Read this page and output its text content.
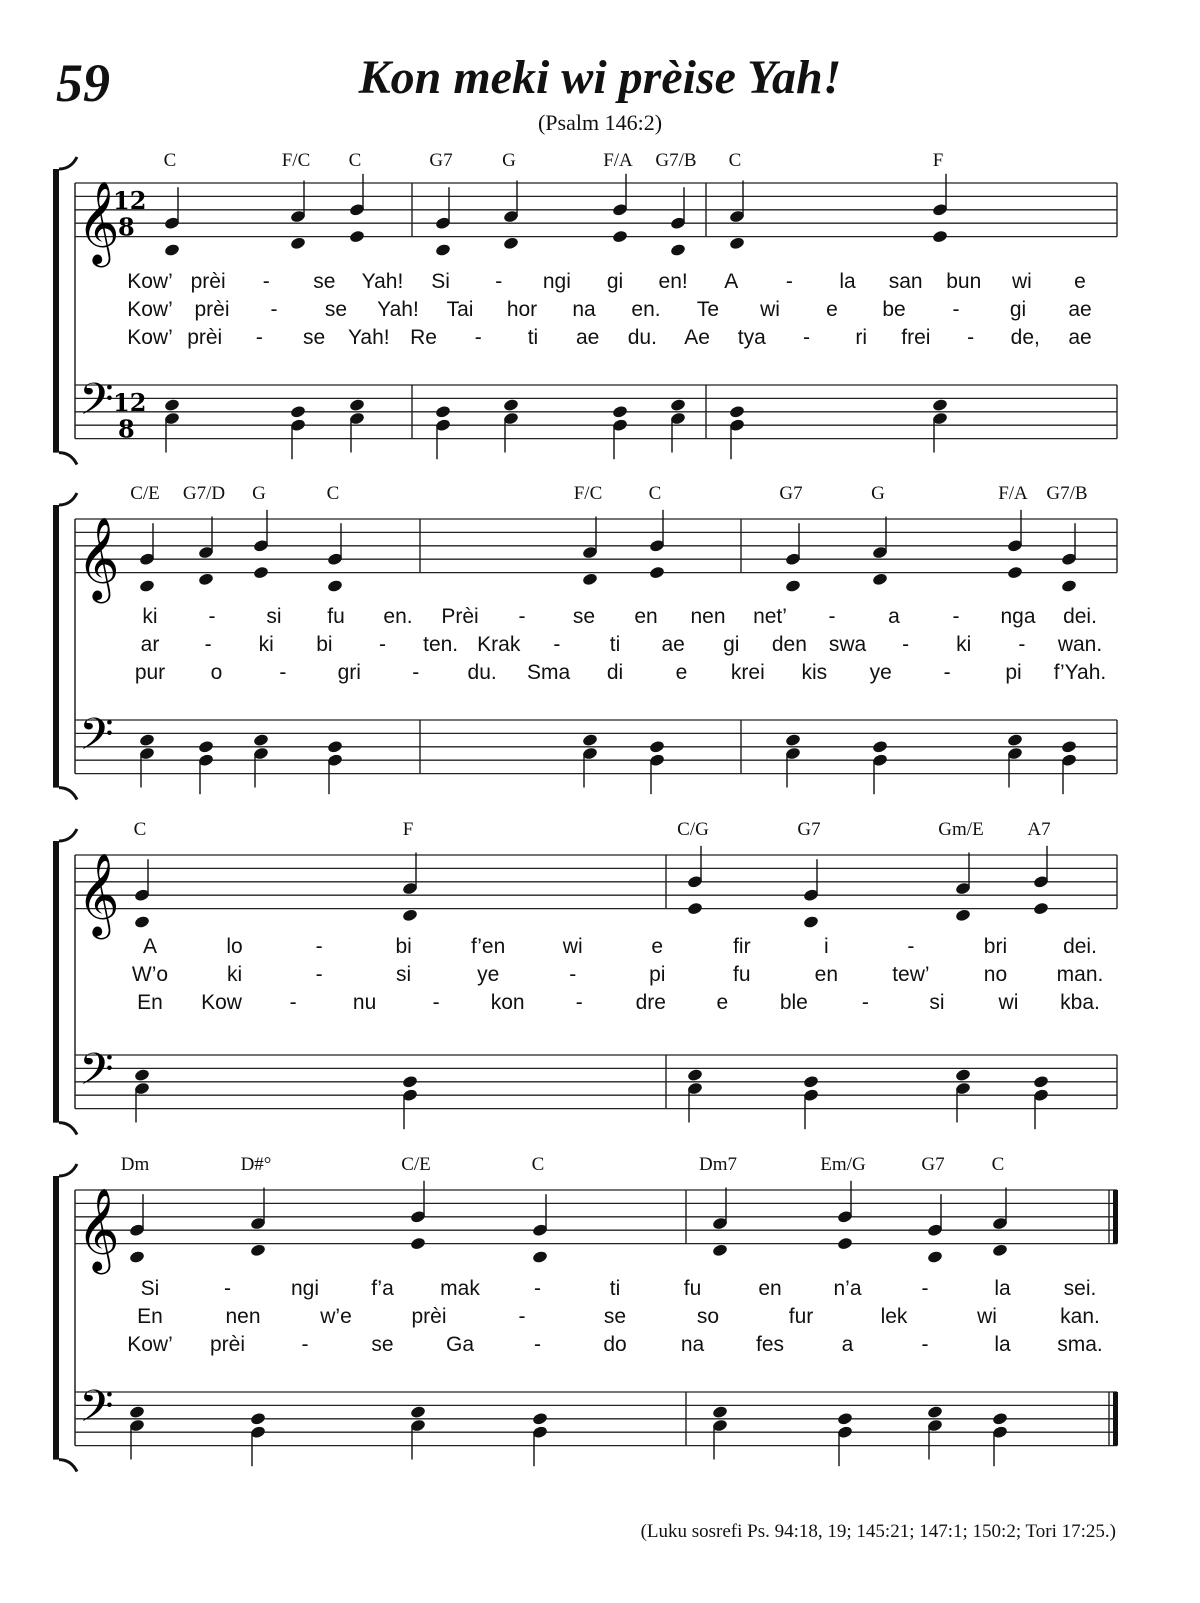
59	Kon meki wi prèise Yah!
(Psalm 146:2)
(Luku sosrefi Ps. 94:18, 19; 145:21; 147:1; 150:2; Tori 17:25.)
𝄞
𝄢
12
8
12
8
𝄞
𝄢
𝄞
𝄢
𝄞
𝄢
C	F/C C	G7	G	F/A G7/B C	F
Kow’ prèi - se Yah! Si - ngi gi en! A - la san bun wi e
Kow’ prèi - se Yah! Tai hor na en. Te wi e be - gi ae
Kow’ prèi - se Yah! Re - ti ae du. Ae tya - ri frei - de, ae
C/E G7/D G	C	F/C C	G7	G	F/A G7/B
ki - si fu en. Prèi - se en nen net’ -	a	- nga dei.
ar - ki bi - ten. Krak - ti ae gi den swa - ki - wan.
pur o	- gri - du. Sma di e krei kis ye -	pi f’Yah.
C	F	C/G	G7	Gm/E A7
A	lo	-	bi	f’en	wi	e	fir	i	-	bri	dei.
W’o	ki	-	si	ye	-	pi	fu	en	tew’	no man.
En Kow -	nu	- kon -	dre e ble	-	si	wi kba.
Dm	D#°	C/E	C	Dm7	Em/G	G7 C
Si	-	ngi f’a mak	-	ti	fu	en n’a	-	la	sei.
En	nen	w’e	prèi	-	se	so	fur	lek	wi	kan.
Kow’ prèi	-	se Ga	-	do	na fes	a	-	la sma.
